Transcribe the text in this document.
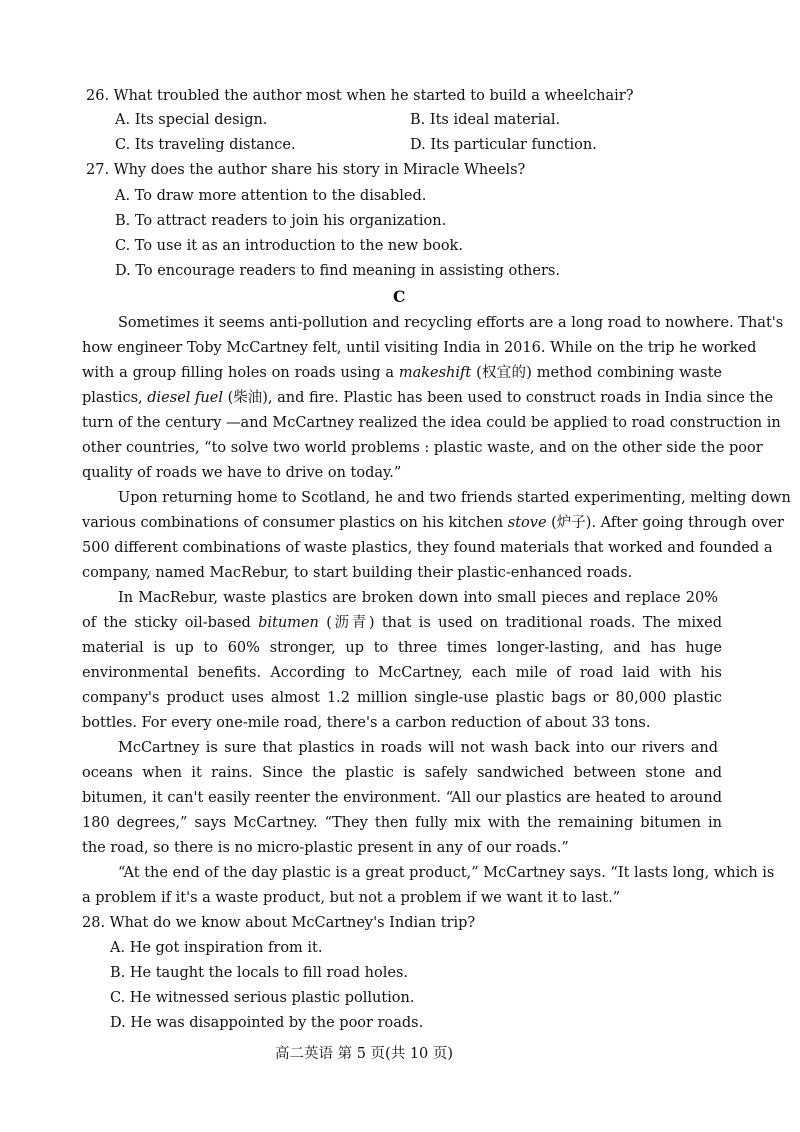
26. What troubled the author most when he started to build a wheelchair?
A. Its special design.	B. Its ideal material.
C. Its traveling distance.	D. Its particular function.
27. Why does the author share his story in Miracle Wheels?
A. To draw more attention to the disabled.
B. To attract readers to join his organization.
C. To use it as an introduction to the new book.
D. To encourage readers to find meaning in assisting others.
C
Sometimes it seems anti-pollution and recycling efforts are a long road to nowhere. That's
how engineer Toby McCartney felt, until visiting India in 2016. While on the trip he worked
with a group filling holes on roads using a makeshift (权宜的) method combining waste
plastics, diesel fuel (柴油), and fire. Plastic has been used to construct roads in India since the
turn of the century —and McCartney realized the idea could be applied to road construction in
other countries, “to solve two world problems : plastic waste, and on the other side the poor
quality of roads we have to drive on today.”
Upon returning home to Scotland, he and two friends started experimenting, melting down
various combinations of consumer plastics on his kitchen stove (炉子). After going through over
500 different combinations of waste plastics, they found materials that worked and founded a
company, named MacRebur, to start building their plastic-enhanced roads.
In MacRebur, waste plastics are broken down into small pieces and replace 20%
of the sticky oil-based bitumen (沥青) that is used on traditional roads. The mixed
material is up to 60% stronger, up to three times longer-lasting, and has huge
environmental benefits. According to McCartney, each mile of road laid with his
company's product uses almost 1.2 million single-use plastic bags or 80,000 plastic
bottles. For every one-mile road, there's a carbon reduction of about 33 tons.
McCartney is sure that plastics in roads will not wash back into our rivers and
oceans when it rains. Since the plastic is safely sandwiched between stone and
bitumen, it can't easily reenter the environment. “All our plastics are heated to around
180 degrees,” says McCartney. “They then fully mix with the remaining bitumen in
the road, so there is no micro-plastic present in any of our roads.”
“At the end of the day plastic is a great product,” McCartney says. “It lasts long, which is
a problem if it's a waste product, but not a problem if we want it to last.”
28. What do we know about McCartney's Indian trip?
A. He got inspiration from it.
B. He taught the locals to fill road holes.
C. He witnessed serious plastic pollution.
D. He was disappointed by the poor roads.
高二英语 第 5 页(共 10 页)
